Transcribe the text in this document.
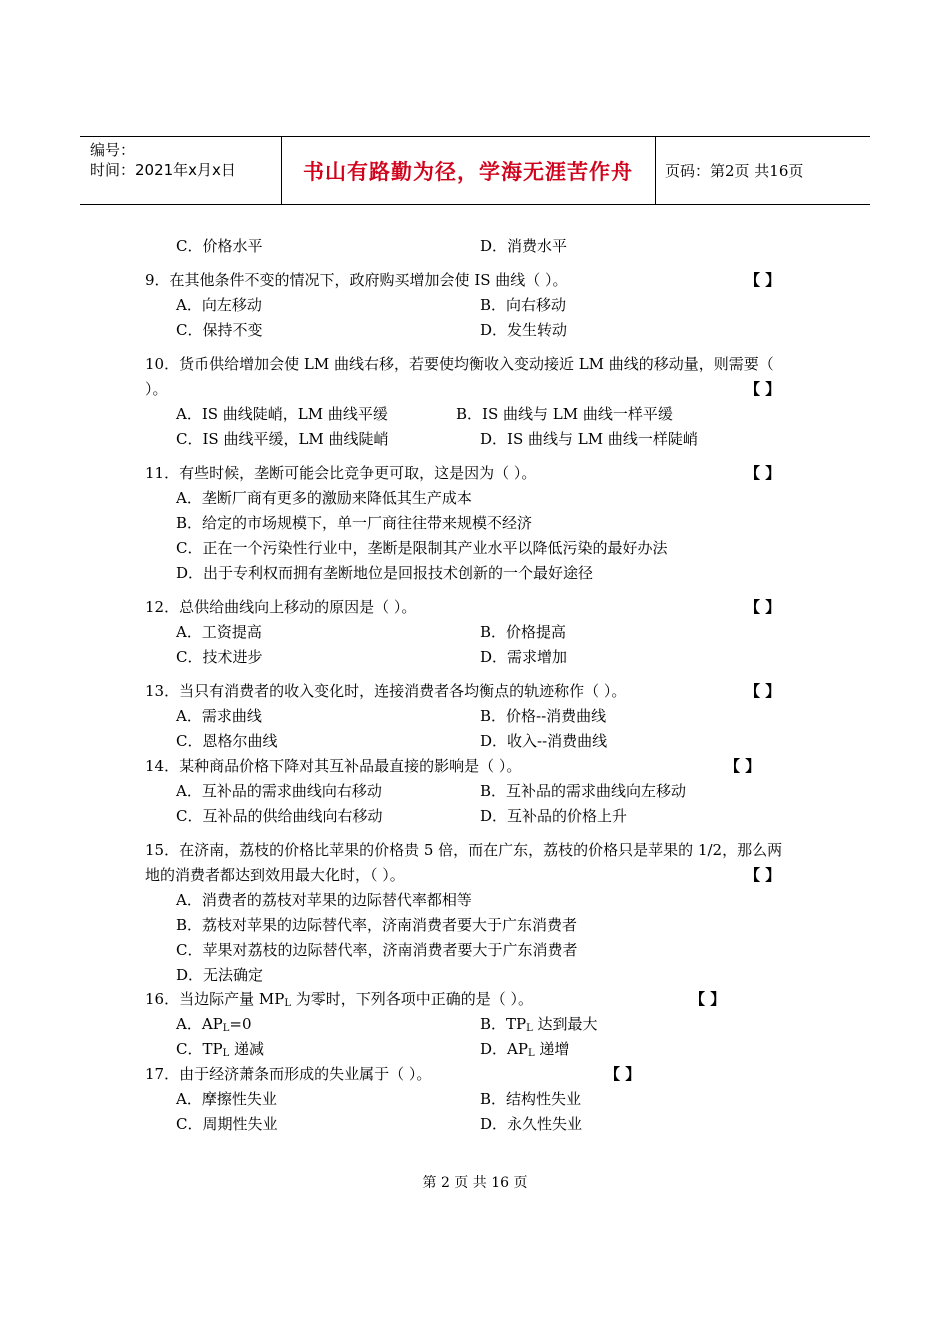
编号：
时间：2021年x月x日	书山有路勤为径，学海无涯苦作舟	页码：第2页 共16页
C．价格水平	D．消费水平
9．在其他条件不变的情况下，政府购买增加会使 IS 曲线（ ）。	【 】
A．向左移动	B．向右移动
C．保持不变	D．发生转动
10．货币供给增加会使 LM 曲线右移，若要使均衡收入变动接近 LM 曲线的移动量，则需要（
）。	【 】
A．IS 曲线陡峭，LM 曲线平缓	B．IS 曲线与 LM 曲线一样平缓
C．IS 曲线平缓，LM 曲线陡峭	D．IS 曲线与 LM 曲线一样陡峭
11．有些时候，垄断可能会比竞争更可取，这是因为（ ）。	【 】
A．垄断厂商有更多的激励来降低其生产成本
B．给定的市场规模下，单一厂商往往带来规模不经济
C．正在一个污染性行业中，垄断是限制其产业水平以降低污染的最好办法
D．出于专利权而拥有垄断地位是回报技术创新的一个最好途径
12．总供给曲线向上移动的原因是（ ）。	【 】
A．工资提高	B．价格提高
C．技术进步	D．需求增加
13．当只有消费者的收入变化时，连接消费者各均衡点的轨迹称作（ ）。	【 】
A．需求曲线	B．价格--消费曲线
C．恩格尔曲线	D．收入--消费曲线
14．某种商品价格下降对其互补品最直接的影响是（ ）。	【 】
A．互补品的需求曲线向右移动	B．互补品的需求曲线向左移动
C．互补品的供给曲线向右移动	D．互补品的价格上升
15．在济南，荔枝的价格比苹果的价格贵 5 倍，而在广东，荔枝的价格只是苹果的 1/2，那么两
地的消费者都达到效用最大化时，（ ）。	【 】
A．消费者的荔枝对苹果的边际替代率都相等
B．荔枝对苹果的边际替代率，济南消费者要大于广东消费者
C．苹果对荔枝的边际替代率，济南消费者要大于广东消费者
D．无法确定
16．当边际产量 $MP_L$ 为零时，下列各项中正确的是（ ）。	【 】
A．$AP_L=0$	B．$TP_L$ 达到最大
C．$TP_L$ 递减	D．$AP_L$ 递增
17．由于经济萧条而形成的失业属于（ ）。	【 】
A．摩擦性失业	B．结构性失业
C．周期性失业	D．永久性失业
第 2 页 共 16 页
